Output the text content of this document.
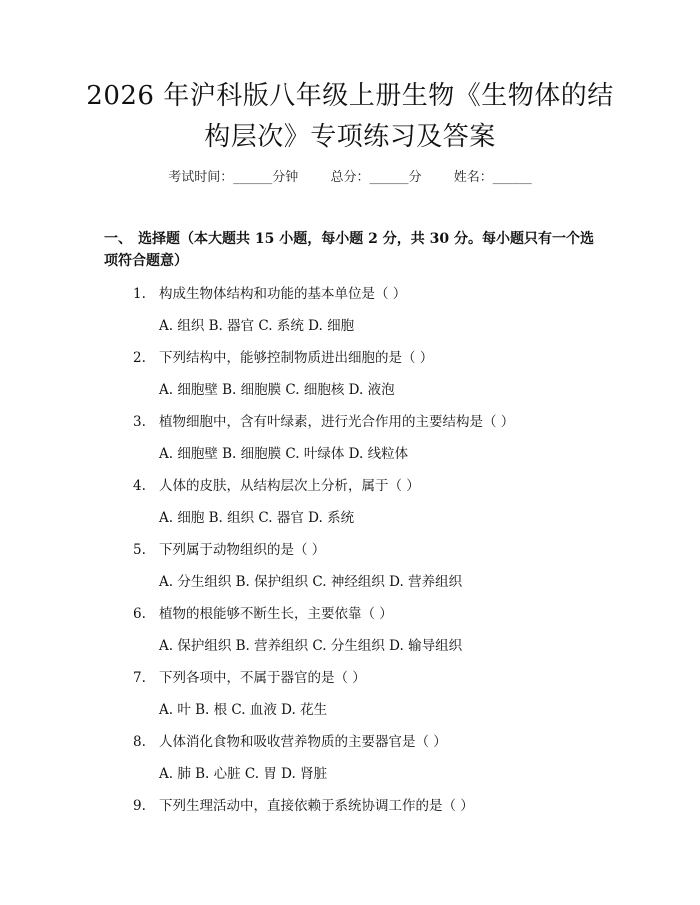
2026 年沪科版八年级上册生物《生物体的结
构层次》专项练习及答案
考试时间：______分钟 总分：______分 姓名：______
一、 选择题（本大题共 15 小题，每小题 2 分，共 30 分。每小题只有一个选项符合题意）
1. 构成生物体结构和功能的基本单位是（ ）
A. 组织 B. 器官 C. 系统 D. 细胞
2. 下列结构中，能够控制物质进出细胞的是（ ）
A. 细胞壁 B. 细胞膜 C. 细胞核 D. 液泡
3. 植物细胞中，含有叶绿素，进行光合作用的主要结构是（ ）
A. 细胞壁 B. 细胞膜 C. 叶绿体 D. 线粒体
4. 人体的皮肤，从结构层次上分析，属于（ ）
A. 细胞 B. 组织 C. 器官 D. 系统
5. 下列属于动物组织的是（ ）
A. 分生组织 B. 保护组织 C. 神经组织 D. 营养组织
6. 植物的根能够不断生长，主要依靠（ ）
A. 保护组织 B. 营养组织 C. 分生组织 D. 输导组织
7. 下列各项中，不属于器官的是（ ）
A. 叶 B. 根 C. 血液 D. 花生
8. 人体消化食物和吸收营养物质的主要器官是（ ）
A. 肺 B. 心脏 C. 胃 D. 肾脏
9. 下列生理活动中，直接依赖于系统协调工作的是（ ）
